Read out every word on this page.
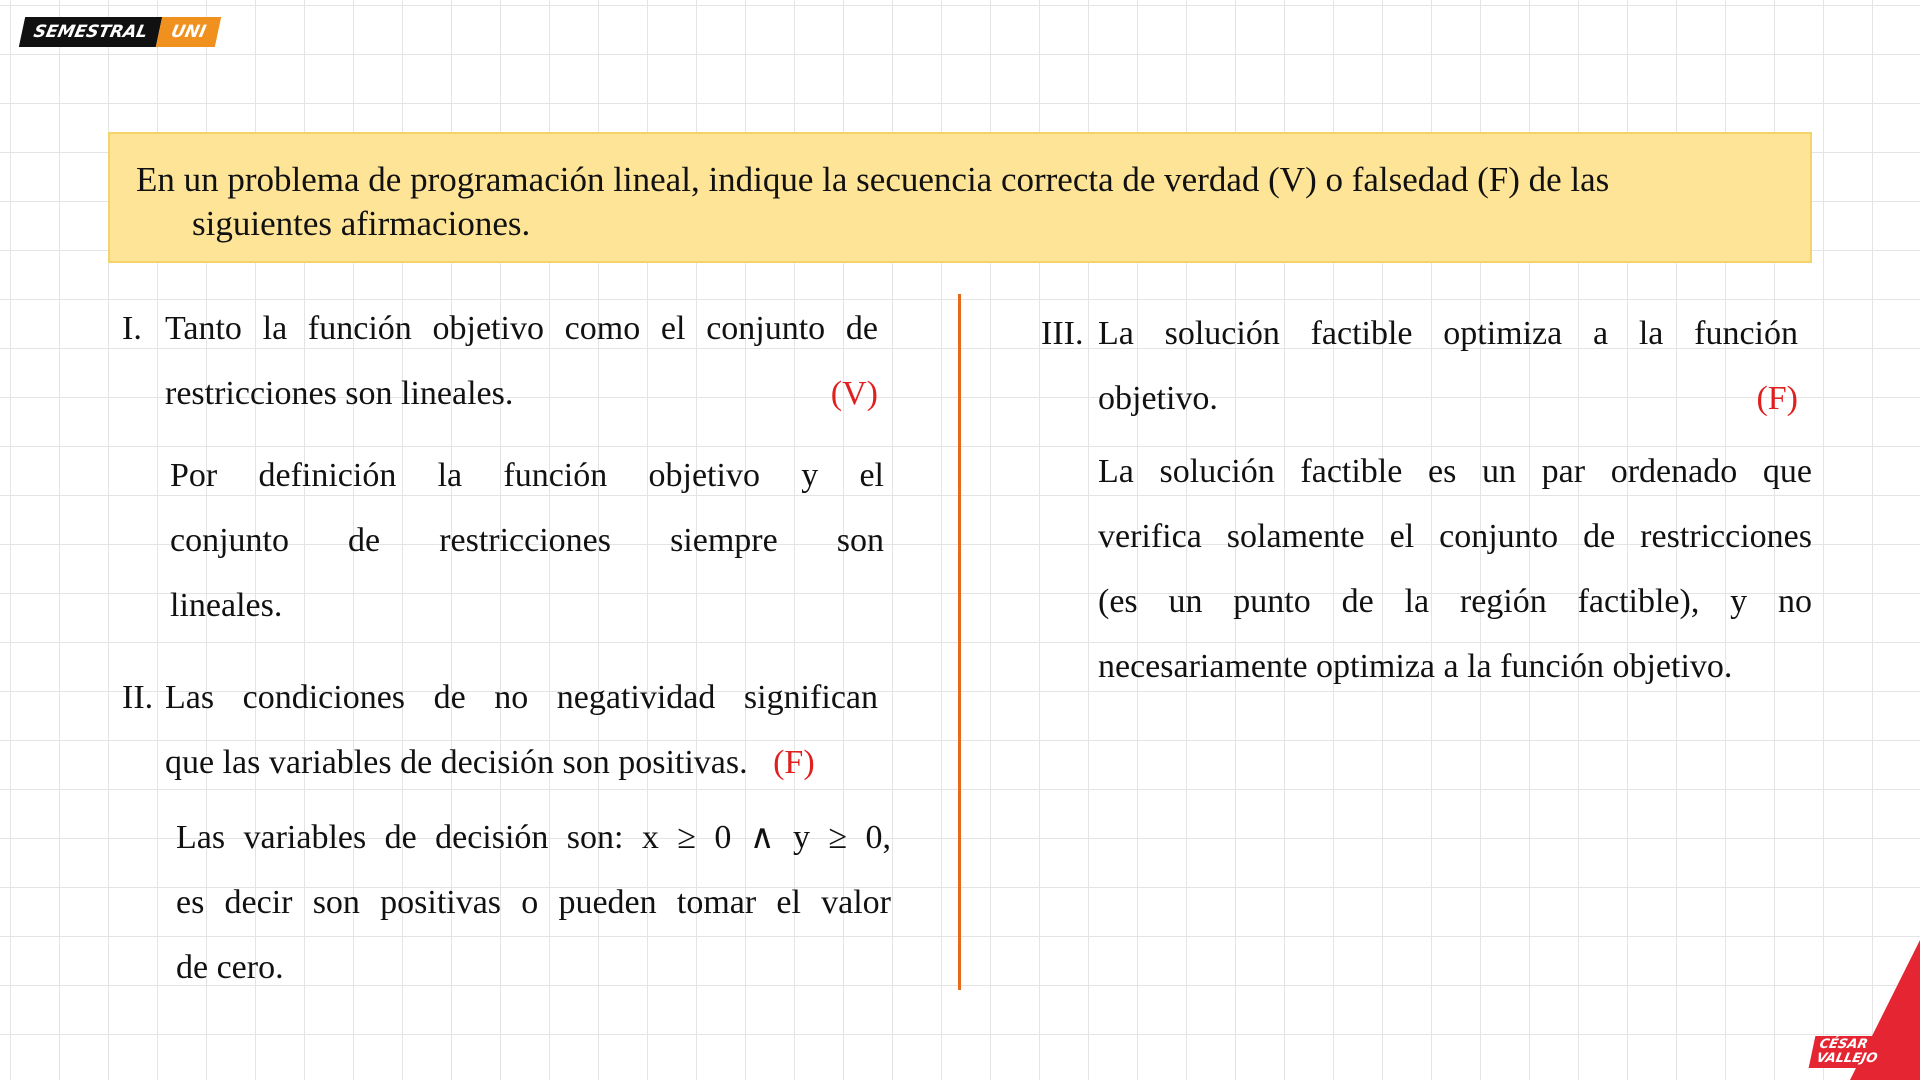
SEMESTRAL	UNI
En un problema de programación lineal, indique la secuencia correcta de verdad (V) o falsedad (F) de las
siguientes afirmaciones.
I. Tanto la función objetivo como el conjunto de
restricciones son lineales.	(V)
Por definición la función objetivo y el
conjunto de restricciones siempre son
lineales.
II. Las condiciones de no negatividad significan
que las variables de decisión son positivas. (F)
Las variables de decisión son: x ≥ 0 ∧ y ≥ 0,
es decir son positivas o pueden tomar el valor
de cero.
III. La solución factible optimiza a la función
objetivo.	(F)
La solución factible es un par ordenado que
verifica solamente el conjunto de restricciones
(es un punto de la región factible), y no
necesariamente optimiza a la función objetivo.
CÉSAR VALLEJO
